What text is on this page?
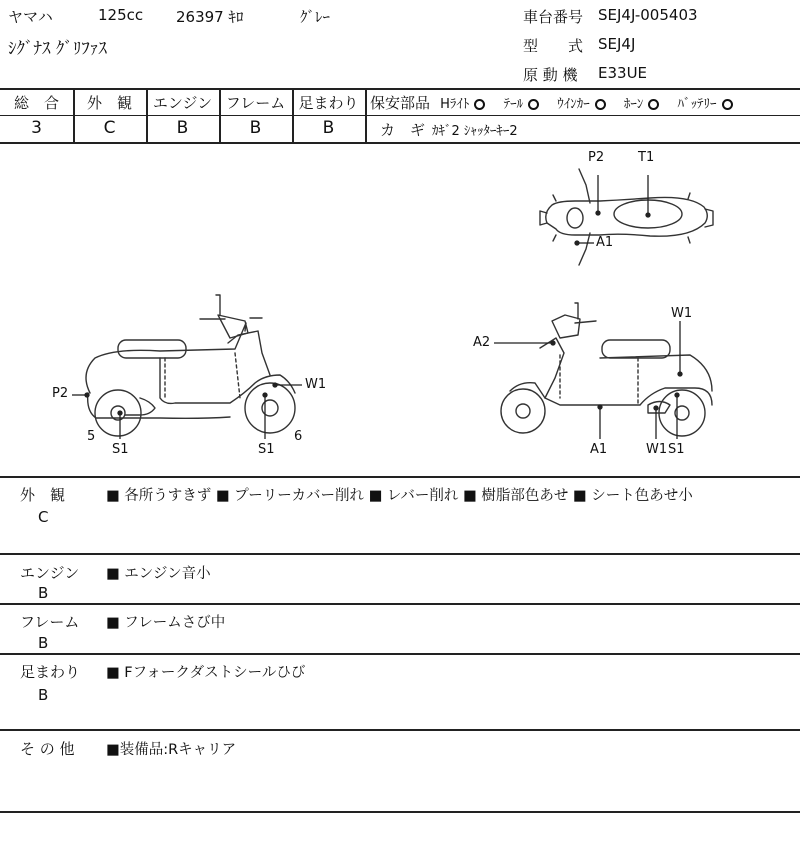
ヤマハ	125cc 26397 ｷﾛ	ｸﾞﾚｰ
ｼｸﾞﾅｽ ｸﾞﾘﾌｧｽ
車台番号 SEJ4J-005403
型　　式 SEJ4J
原 動 機 E33UE
総　合	外　観	エンジン フレーム 足まわり
3	C	B	B	B
保安部品 Hﾗｲﾄ	ﾃｰﾙ	ｳｲﾝｶｰ	ﾎｰﾝ	ﾊﾞｯﾃﾘｰ
カ　ギ ｶｷﾞ2 ｼｬｯﾀｰｷｰ2
P2	T1
A1
P2
W1
5
S1	S1
6
A2
W1
A1	W1 S1
外　観
C
■ 各所うすきず ■ プーリーカバー削れ ■ レバー削れ ■ 樹脂部色あせ ■ シート色あせ小
エンジン
B
■ エンジン音小
フレーム
B
■ フレームさび中
足まわり
B
■ Fフォークダストシールひび
そ の 他 ■装備品:Rキャリア
